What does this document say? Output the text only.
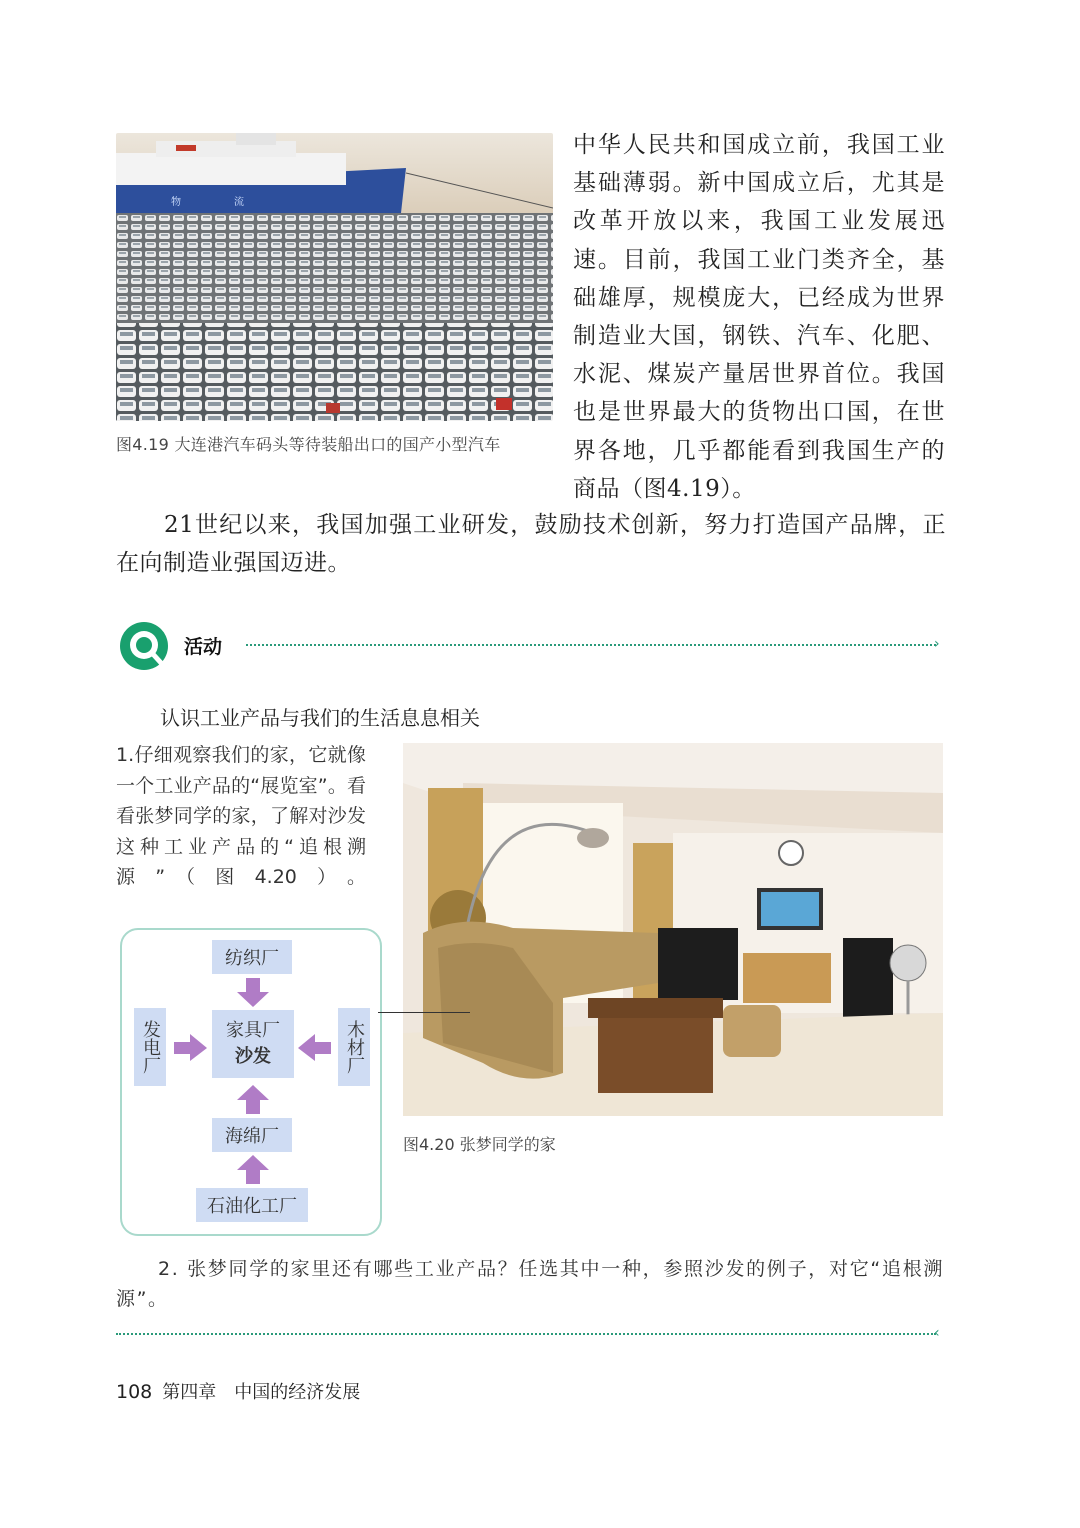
物	流
图4.19 大连港汽车码头等待装船出口的国产小型汽车
中华人民共和国成立前，我国工业基础薄弱。新中国成立后，尤其是改革开放以来，我国工业发展迅速。目前，我国工业门类齐全，基础雄厚，规模庞大，已经成为世界制造业大国，钢铁、汽车、化肥、水泥、煤炭产量居世界首位。我国也是世界最大的货物出口国，在世界各地，几乎都能看到我国生产的商品（图4.19）。
21世纪以来，我国加强工业研发，鼓励技术创新，努力打造国产品牌，正在向制造业强国迈进。
活动	›
认识工业产品与我们的生活息息相关
1.仔细观察我们的家，它就像一个工业产品的“展览室”。看看张梦同学的家，了解对沙发这种工业产品的“追根溯源”（图4.20）。
纺织厂
家具厂
沙发
发电厂	木材厂
海绵厂
石油化工厂
图4.20 张梦同学的家
2. 张梦同学的家里还有哪些工业产品？任选其中一种，参照沙发的例子，对它“追根溯源”。
‹
108 第四章 中国的经济发展
